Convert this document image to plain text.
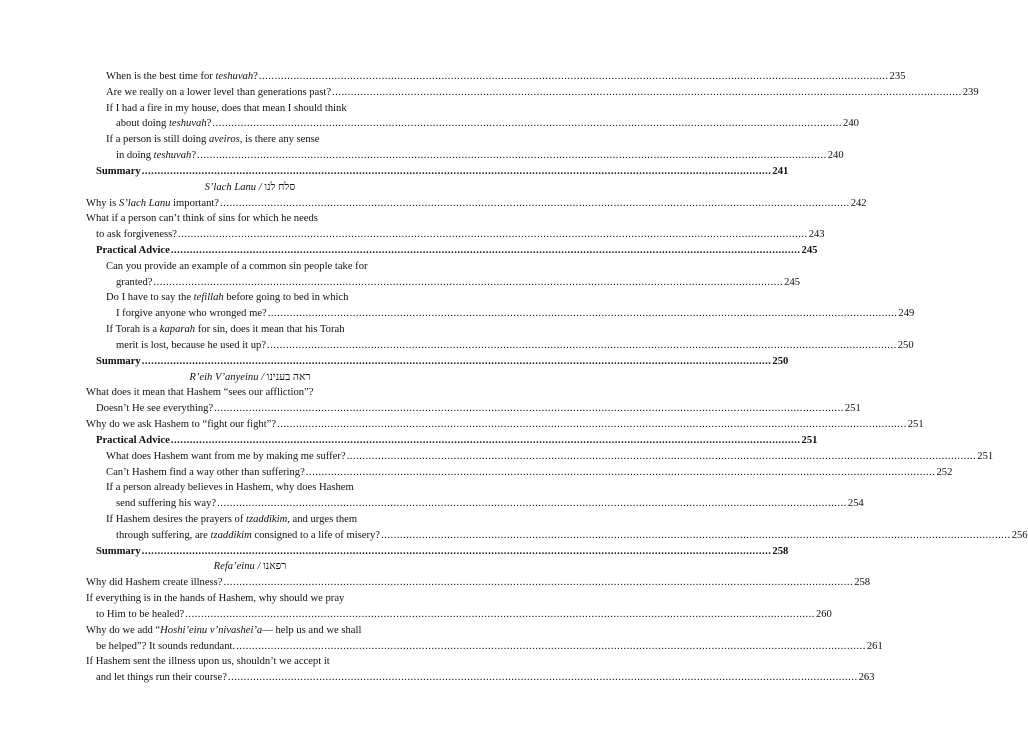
When is the best time for teshuvah? ........................................................................................................................................................................................................ 235
Are we really on a lower level than generations past? ........................................................................................................................................................................................................ 239
If I had a fire in my house, does that mean I should think
about doing teshuvah? ........................................................................................................................................................................................................ 240
If a person is still doing aveiros, is there any sense
in doing teshuvah? ........................................................................................................................................................................................................ 240
Summary ........................................................................................................................................................................................................ 241
S’lach Lanu / סלח לנו
Why is S’lach Lanu important? ........................................................................................................................................................................................................ 242
What if a person can’t think of sins for which he needs
to ask forgiveness? ........................................................................................................................................................................................................ 243
Practical Advice ........................................................................................................................................................................................................ 245
Can you provide an example of a common sin people take for
granted? ........................................................................................................................................................................................................ 245
Do I have to say the tefillah before going to bed in which
I forgive anyone who wronged me? ........................................................................................................................................................................................................ 249
If Torah is a kaparah for sin, does it mean that his Torah
merit is lost, because he used it up? ........................................................................................................................................................................................................ 250
Summary ........................................................................................................................................................................................................ 250
R’eih V’anyeinu / ראה בענינו
What does it mean that Hashem “sees our affliction”?
Doesn’t He see everything? ........................................................................................................................................................................................................ 251
Why do we ask Hashem to “fight our fight”? ........................................................................................................................................................................................................ 251
Practical Advice ........................................................................................................................................................................................................ 251
What does Hashem want from me by making me suffer? ........................................................................................................................................................................................................ 251
Can’t Hashem find a way other than suffering? ........................................................................................................................................................................................................ 252
If a person already believes in Hashem, why does Hashem
send suffering his way? ........................................................................................................................................................................................................ 254
If Hashem desires the prayers of tzaddikim, and urges them
through suffering, are tzaddikim consigned to a life of misery? ........................................................................................................................................................................................................ 256
Summary ........................................................................................................................................................................................................ 258
Refa’einu / רפאנו
Why did Hashem create illness? ........................................................................................................................................................................................................ 258
If everything is in the hands of Hashem, why should we pray
to Him to be healed? ........................................................................................................................................................................................................ 260
Why do we add “Hoshi’einu v’nivashei’a— help us and we shall
be helped”? It sounds redundant. ........................................................................................................................................................................................................ 261
If Hashem sent the illness upon us, shouldn’t we accept it
and let things run their course? ........................................................................................................................................................................................................ 263
